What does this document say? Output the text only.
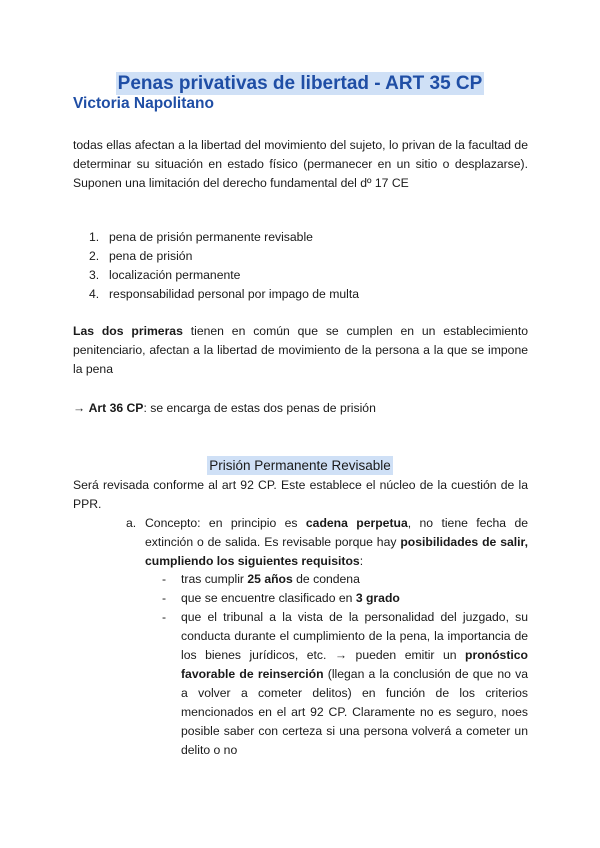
Penas privativas de libertad - ART 35 CP
Victoria Napolitano

todas ellas afectan a la libertad del movimiento del sujeto, lo privan de la facultad de determinar su situación en estado físico (permanecer en un sitio o desplazarse). Suponen una limitación del derecho fundamental del dº 17 CE

1. pena de prisión permanente revisable
2. pena de prisión
3. localización permanente
4. responsabilidad personal por impago de multa

Las dos primeras tienen en común que se cumplen en un establecimiento penitenciario, afectan a la libertad de movimiento de la persona a la que se impone la pena

→ Art 36 CP: se encarga de estas dos penas de prisión
Prisión Permanente Revisable

Será revisada conforme al art 92 CP. Este establece el núcleo de la cuestión de la PPR.

a. Concepto: en principio es cadena perpetua, no tiene fecha de extinción o de salida. Es revisable porque hay posibilidades de salir, cumpliendo los siguientes requisitos:
- tras cumplir 25 años de condena
- que se encuentre clasificado en 3 grado
- que el tribunal a la vista de la personalidad del juzgado, su conducta durante el cumplimiento de la pena, la importancia de los bienes jurídicos, etc. → pueden emitir un pronóstico favorable de reinserción (llegan a la conclusión de que no va a volver a cometer delitos) en función de los criterios mencionados en el art 92 CP. Claramente no es seguro, noes posible saber con certeza si una persona volverá a cometer un delito o no
